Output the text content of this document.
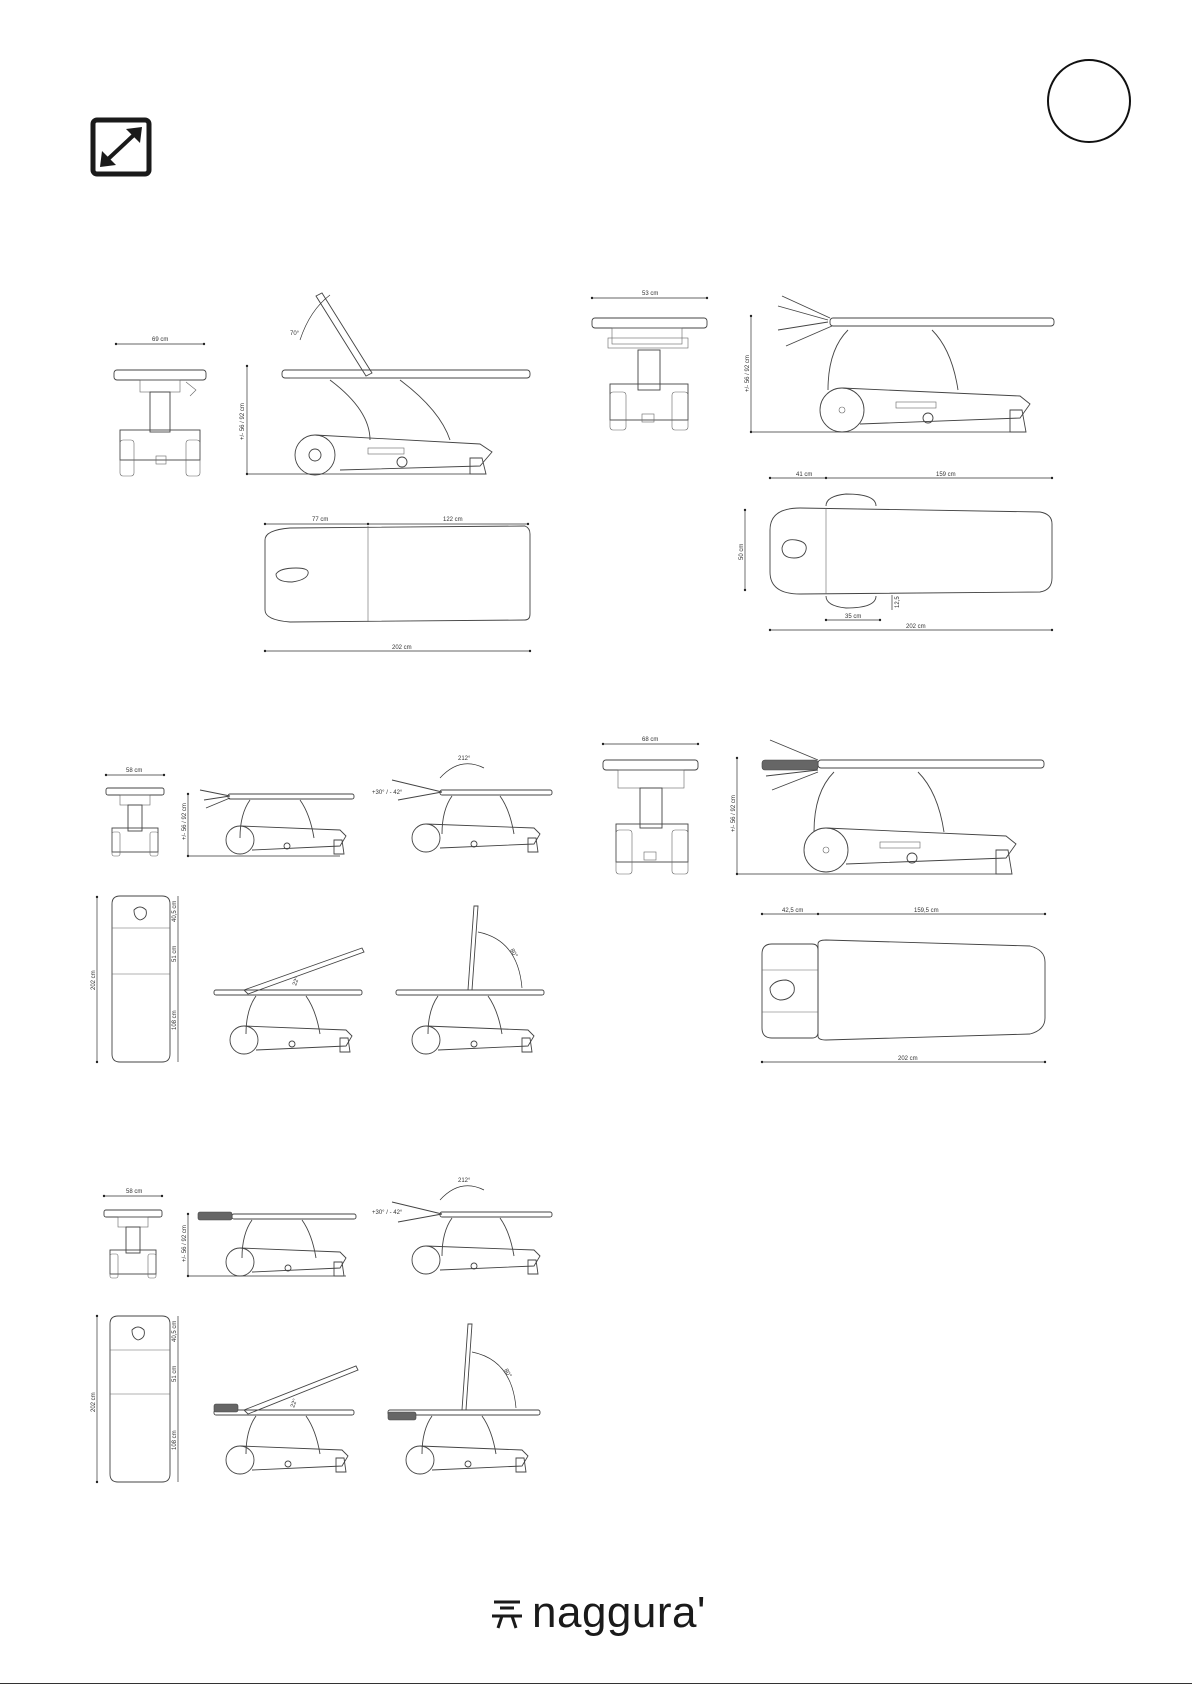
69 cm
+/- 56 / 92 cm
70°
77 cm	122 cm
202 cm
53 cm
+/- 56 / 92 cm
41 cm	159 cm
50 cm
35 cm
12,5
202 cm
58 cm
+/- 56 / 92 cm
212°
+30° / - 42°
202 cm
40,5 cm
51 cm
108 cm
22°
80°
68 cm
+/- 56 / 92 cm
42,5 cm	159,5 cm
202 cm
58 cm
+/- 56 / 92 cm
212°
+30° / - 42°
202 cm
40,5 cm
51 cm
108 cm
22°
80°
naggura'
